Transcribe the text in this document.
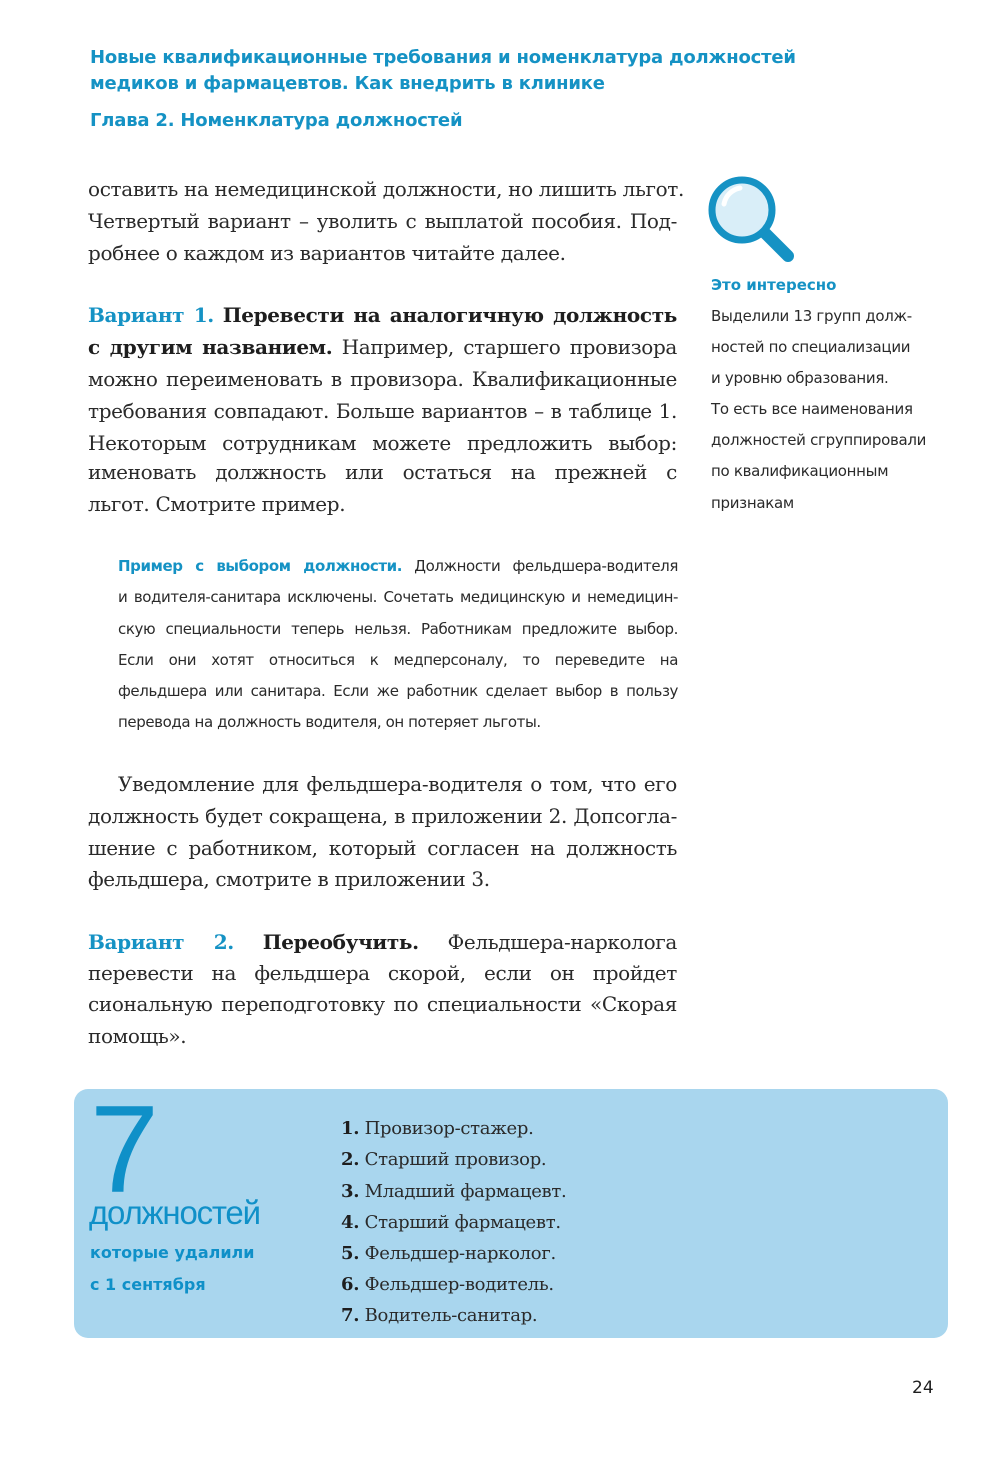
Новые квалификационные требования и номенклатура должностей
медиков и фармацевтов. Как внедрить в клинике
Глава 2. Номенклатура должностей
оставить на немедицинской должности, но лишить льгот.
Четвертый вариант – уволить с выплатой пособия. Под-
робнее о каждом из вариантов читайте далее.
Вариант 1. Перевести на аналогичную должность
с другим названием. Например, старшего провизора
можно переименовать в провизора. Квалификационные
требования совпадают. Больше вариантов – в таблице 1.
Некоторым сотрудникам можете предложить выбор:
именовать должность или остаться на прежней с
льгот. Смотрите пример.
Пример с выбором должности. Должности фельдшера-водителя
и водителя-санитара исключены. Сочетать медицинскую и немедицин-
скую специальности теперь нельзя. Работникам предложите выбор.
Если они хотят относиться к медперсоналу, то переведите на
фельдшера или санитара. Если же работник сделает выбор в пользу
перевода на должность водителя, он потеряет льготы.
Уведомление для фельдшера-водителя о том, что его
должность будет сокращена, в приложении 2. Допсогла-
шение с работником, который согласен на должность
фельдшера, смотрите в приложении 3.
Вариант 2. Переобучить. Фельдшера-нарколога
перевести на фельдшера скорой, если он пройдет
сиональную переподготовку по специальности «Скорая
помощь».
Это интересно
Выделили 13 групп долж-
ностей по специализации
и уровню образования.
То есть все наименования
должностей сгруппировали
по квалификационным
признакам
7
должностей
которые удалили
с 1 сентября
1. Провизор-стажер.
2. Старший провизор.
3. Младший фармацевт.
4. Старший фармацевт.
5. Фельдшер-нарколог.
6. Фельдшер-водитель.
7. Водитель-санитар.
24
